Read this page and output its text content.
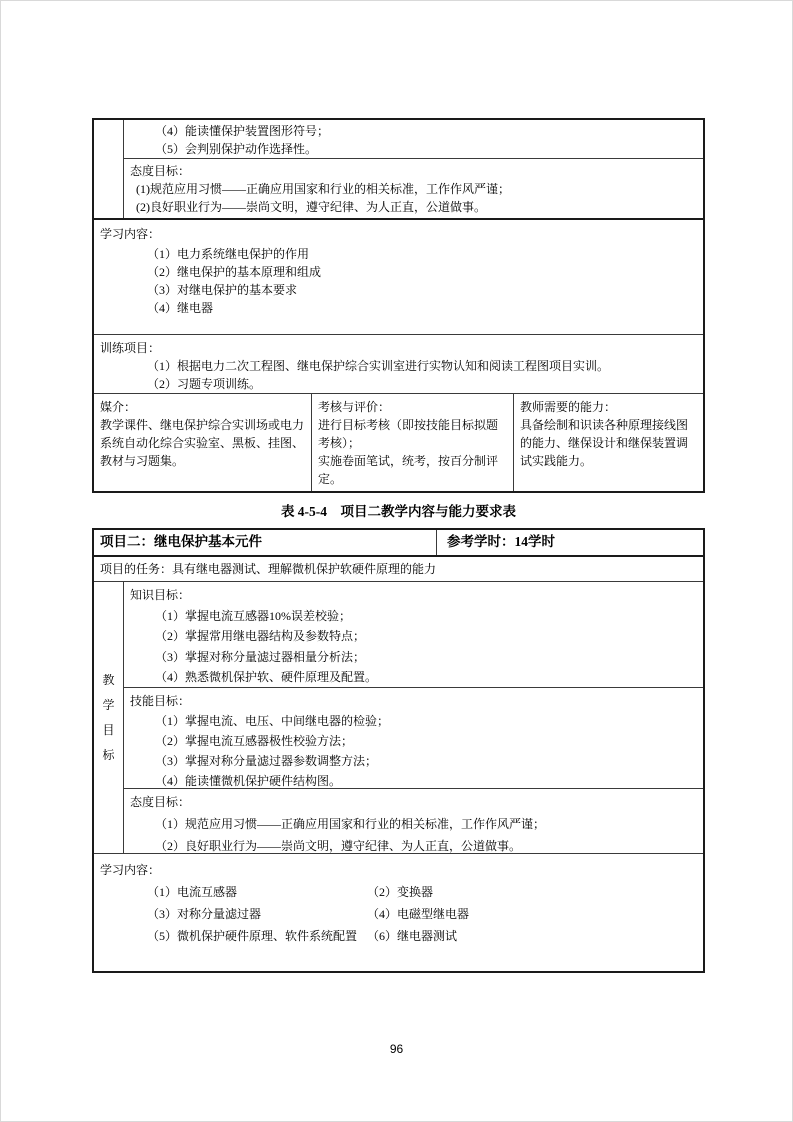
（4）能读懂保护装置图形符号；
（5）会判别保护动作选择性。
态度目标：
(1)规范应用习惯——正确应用国家和行业的相关标准，工作作风严谨；
(2)良好职业行为——崇尚文明，遵守纪律、为人正直，公道做事。
学习内容：
（1）电力系统继电保护的作用
（2）继电保护的基本原理和组成
（3）对继电保护的基本要求
（4）继电器
训练项目：
（1）根据电力二次工程图、继电保护综合实训室进行实物认知和阅读工程图项目实训。
（2）习题专项训练。
媒介：
教学课件、继电保护综合实训场或电力系统自动化综合实验室、黑板、挂图、教材与习题集。
考核与评价：
进行目标考核（即按技能目标拟题考核）；
实施卷面笔试，统考，按百分制评定。
教师需要的能力：
具备绘制和识读各种原理接线图的能力、继保设计和继保装置调试实践能力。
表 4-5-4　项目二教学内容与能力要求表
项目二：继电保护基本元件	参考学时：14学时
项目的任务：具有继电器测试、理解微机保护软硬件原理的能力
教
学
目
标
知识目标：
（1）掌握电流互感器10%误差校验；
（2）掌握常用继电器结构及参数特点；
（3）掌握对称分量滤过器相量分析法；
（4）熟悉微机保护软、硬件原理及配置。
技能目标：
（1）掌握电流、电压、中间继电器的检验；
（2）掌握电流互感器极性校验方法；
（3）掌握对称分量滤过器参数调整方法；
（4）能读懂微机保护硬件结构图。
态度目标：
（1）规范应用习惯——正确应用国家和行业的相关标准，工作作风严谨；
（2）良好职业行为——崇尚文明，遵守纪律、为人正直，公道做事。
学习内容：
（1）电流互感器	（2）变换器
（3）对称分量滤过器	（4）电磁型继电器
（5）微机保护硬件原理、软件系统配置 （6）继电器测试
96
